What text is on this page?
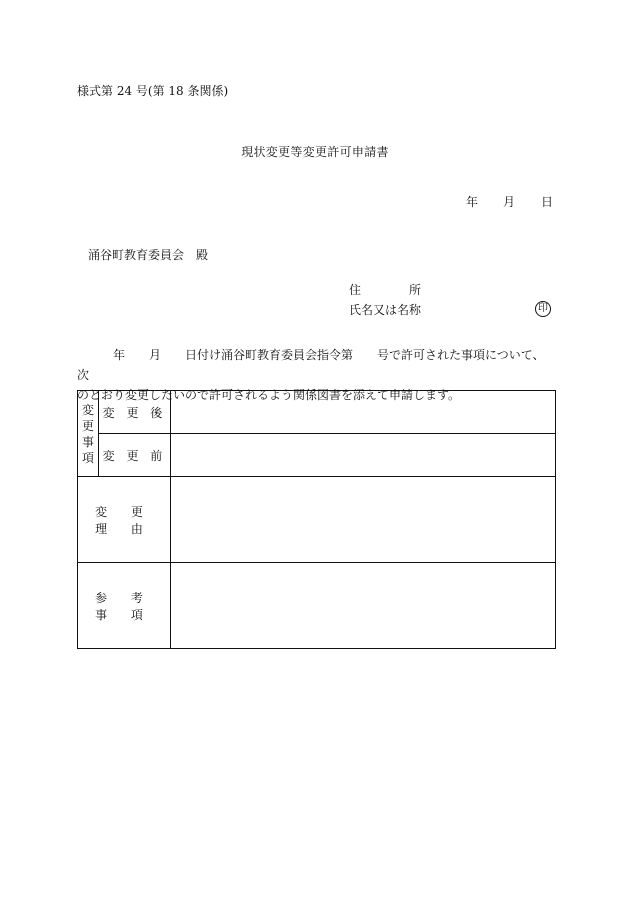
様式第 24 号(第 18 条関係)
現状変更等変更許可申請書
年 月 日
涌谷町教育委員会　殿
住　　　　所
氏名又は名称	印

　　　年　　月　　日付け涌谷町教育委員会指令第　　号で許可された事項について、次

のとおり変更したいので許可されるよう関係図書を添えて申請します。

変
更
事
項	変 更 後	
	変 更 前	
変 更 理 由		
参 考 事 項		
